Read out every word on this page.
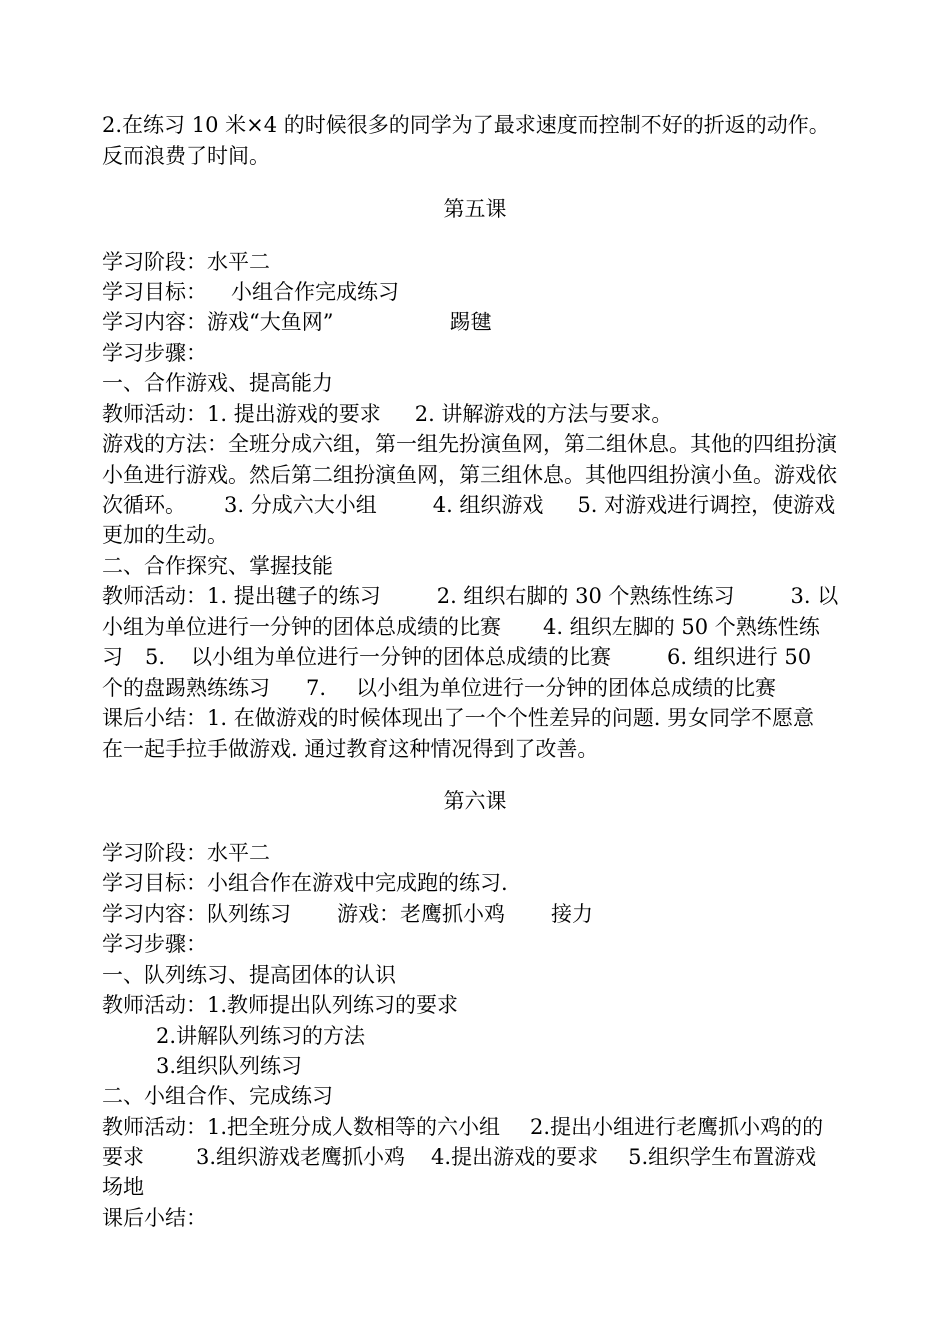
2.在练习 10 米×4 的时候很多的同学为了最求速度而控制不好的折返的动作。
反而浪费了时间。
第五课
学习阶段：水平二
学习目标： 小组合作完成练习
学习内容：游戏“大鱼网”	踢毽
学习步骤：
一、合作游戏、提高能力
教师活动：1. 提出游戏的要求 2. 讲解游戏的方法与要求。
游戏的方法：全班分成六组，第一组先扮演鱼网，第二组休息。其他的四组扮演
小鱼进行游戏。然后第二组扮演鱼网，第三组休息。其他四组扮演小鱼。游戏依
次循环。 3. 分成六大小组	4. 组织游戏 5. 对游戏进行调控，使游戏
更加的生动。
二、合作探究、掌握技能
教师活动：1. 提出毽子的练习	2. 组织右脚的 30 个熟练性练习	3. 以
小组为单位进行一分钟的团体总成绩的比赛 4. 组织左脚的 50 个熟练性练
习 5. 以小组为单位进行一分钟的团体总成绩的比赛	6. 组织进行 50
个的盘踢熟练练习 7. 以小组为单位进行一分钟的团体总成绩的比赛
课后小结：1. 在做游戏的时候体现出了一个个性差异的问题. 男女同学不愿意
在一起手拉手做游戏. 通过教育这种情况得到了改善。
第六课
学习阶段：水平二
学习目标：小组合作在游戏中完成跑的练习.
学习内容：队列练习 游戏：老鹰抓小鸡 接力
学习步骤：
一、队列练习、提高团体的认识
教师活动：1.教师提出队列练习的要求
2.讲解队列练习的方法
3.组织队列练习
二、小组合作、完成练习
教师活动：1.把全班分成人数相等的六小组 2.提出小组进行老鹰抓小鸡的的
要求 3.组织游戏老鹰抓小鸡 4.提出游戏的要求 5.组织学生布置游戏
场地
课后小结：
